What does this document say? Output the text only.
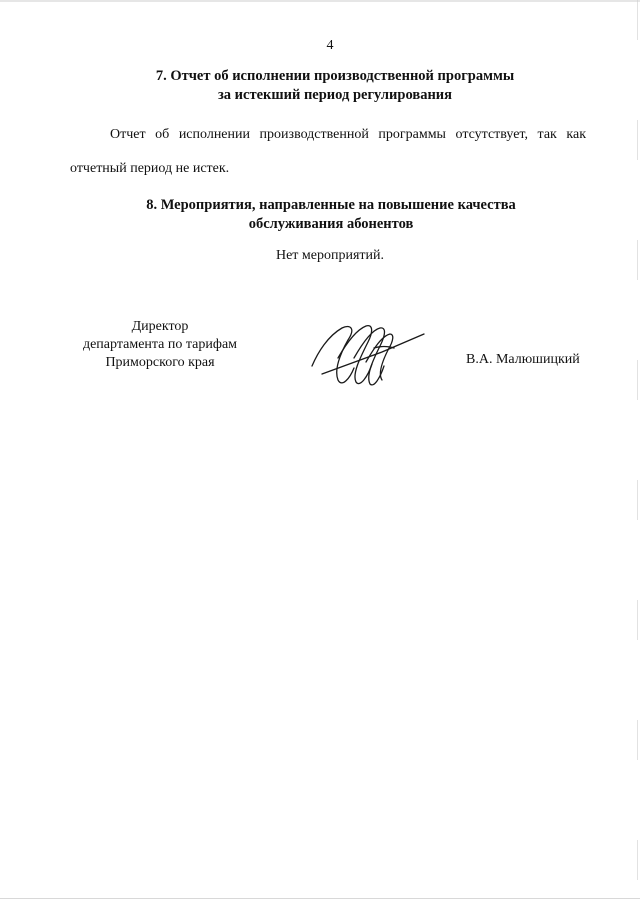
4
7. Отчет об исполнении производственной программы
за истекший период регулирования

Отчет об исполнении производственной программы отсутствует, так как отчетный период не истек.

8. Мероприятия, направленные на повышение качества
обслуживания абонентов
Нет мероприятий.
Директор
департамента по тарифам
Приморского края	В.А. Малюшицкий
